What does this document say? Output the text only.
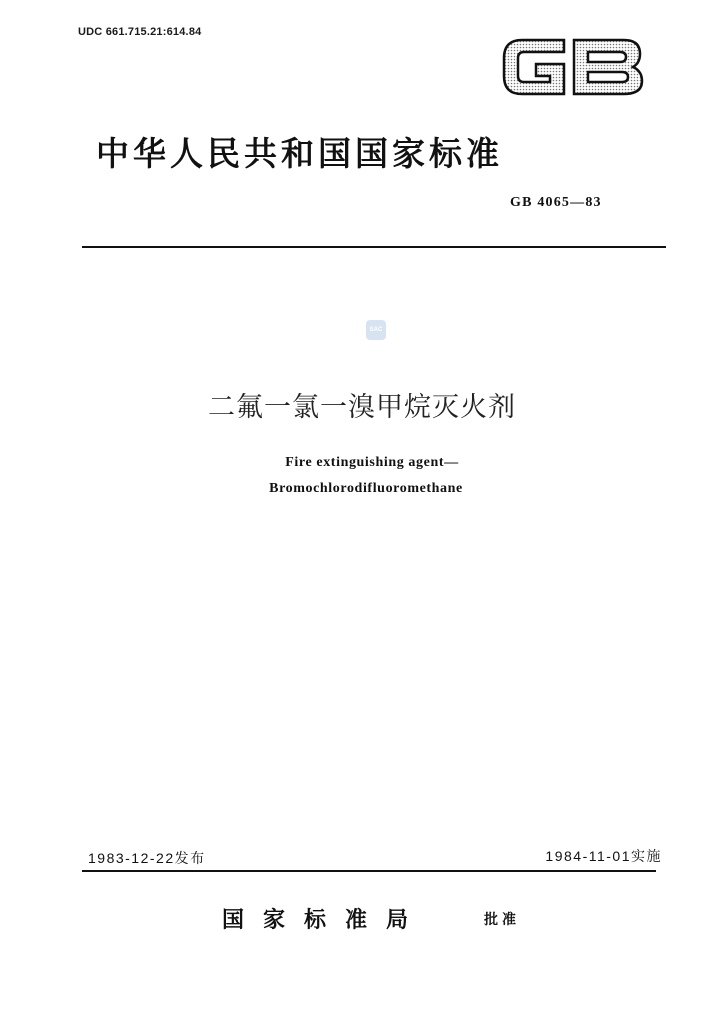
UDC 661.715.21:614.84
中华人民共和国国家标准
GB 4065—83
SAC
二氟一氯一溴甲烷灭火剂
Fire extinguishing agent—
Bromochlorodifluoromethane
1983-12-22发布	1984-11-01实施
国家标准局	批准
